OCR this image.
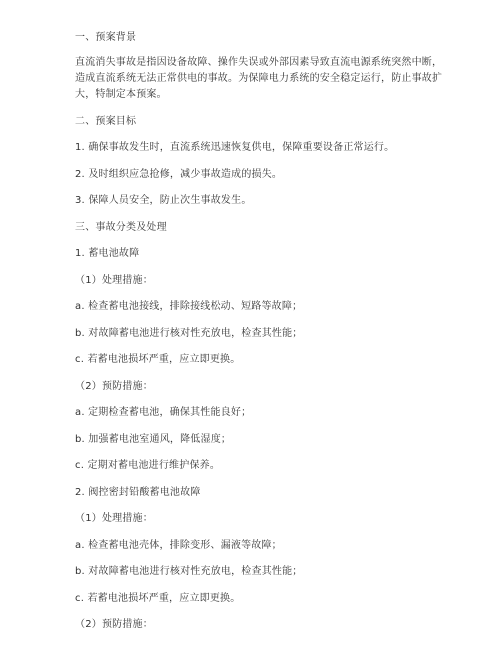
一、预案背景
直流消失事故是指因设备故障、操作失误或外部因素导致直流电源系统突然中断，
造成直流系统无法正常供电的事故。为保障电力系统的安全稳定运行，防止事故扩
大，特制定本预案。
二、预案目标
1. 确保事故发生时，直流系统迅速恢复供电，保障重要设备正常运行。
2. 及时组织应急抢修，减少事故造成的损失。
3. 保障人员安全，防止次生事故发生。
三、事故分类及处理
1. 蓄电池故障
（1）处理措施：
a. 检查蓄电池接线，排除接线松动、短路等故障；
b. 对故障蓄电池进行核对性充放电，检查其性能；
c. 若蓄电池损坏严重，应立即更换。
（2）预防措施：
a. 定期检查蓄电池，确保其性能良好；
b. 加强蓄电池室通风，降低湿度；
c. 定期对蓄电池进行维护保养。
2. 阀控密封铅酸蓄电池故障
（1）处理措施：
a. 检查蓄电池壳体，排除变形、漏液等故障；
b. 对故障蓄电池进行核对性充放电，检查其性能；
c. 若蓄电池损坏严重，应立即更换。
（2）预防措施：
